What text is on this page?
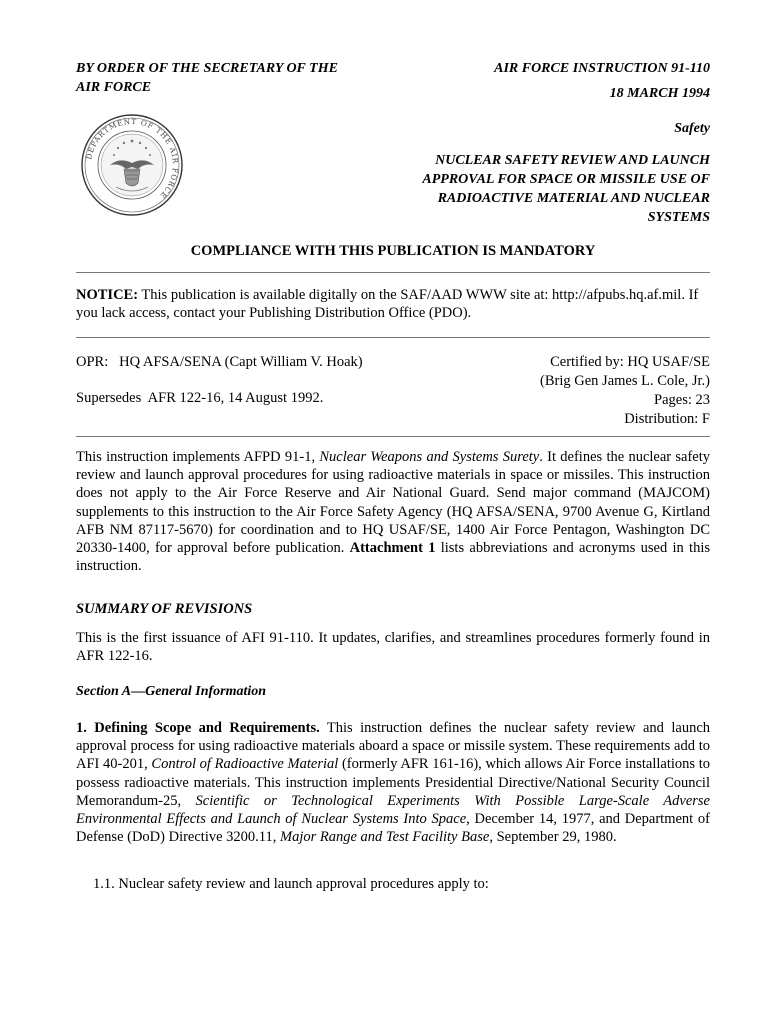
BY ORDER OF THE SECRETARY OF THE
AIR FORCE
AIR FORCE INSTRUCTION 91-110
18 MARCH 1994
Safety
NUCLEAR SAFETY REVIEW AND LAUNCH
APPROVAL FOR SPACE OR MISSILE USE OF
RADIOACTIVE MATERIAL AND NUCLEAR
SYSTEMS
DEPARTMENT OF THE AIR FORCE
COMPLIANCE WITH THIS PUBLICATION IS MANDATORY
NOTICE: This publication is available digitally on the SAF/AAD WWW site at: http://afpubs.hq.af.mil. If you lack access, contact your Publishing Distribution Office (PDO).
OPR:   HQ AFSA/SENA (Capt William V. Hoak)
Supersedes  AFR 122-16, 14 August 1992.
Certified by: HQ USAF/SE
(Brig Gen James L. Cole, Jr.)
Pages: 23
Distribution: F
This instruction implements AFPD 91-1, Nuclear Weapons and Systems Surety. It defines the nuclear safety review and launch approval procedures for using radioactive materials in space or missiles. This instruction does not apply to the Air Force Reserve and Air National Guard. Send major command (MAJCOM) supplements to this instruction to the Air Force Safety Agency (HQ AFSA/SENA, 9700 Avenue G, Kirtland AFB NM 87117-5670) for coordination and to HQ USAF/SE, 1400 Air Force Pentagon, Washington DC 20330-1400, for approval before publication. Attachment 1 lists abbreviations and acronyms used in this instruction.
SUMMARY OF REVISIONS
This is the first issuance of AFI 91-110. It updates, clarifies, and streamlines procedures formerly found in AFR 122-16.
Section A—General Information
1. Defining Scope and Requirements. This instruction defines the nuclear safety review and launch approval process for using radioactive materials aboard a space or missile system. These requirements add to AFI 40-201, Control of Radioactive Material (formerly AFR 161-16), which allows Air Force installations to possess radioactive materials. This instruction implements Presidential Directive/National Security Council Memorandum-25, Scientific or Technological Experiments With Possible Large-Scale Adverse Environmental Effects and Launch of Nuclear Systems Into Space, December 14, 1977, and Department of Defense (DoD) Directive 3200.11, Major Range and Test Facility Base, September 29, 1980.
1.1. Nuclear safety review and launch approval procedures apply to:
